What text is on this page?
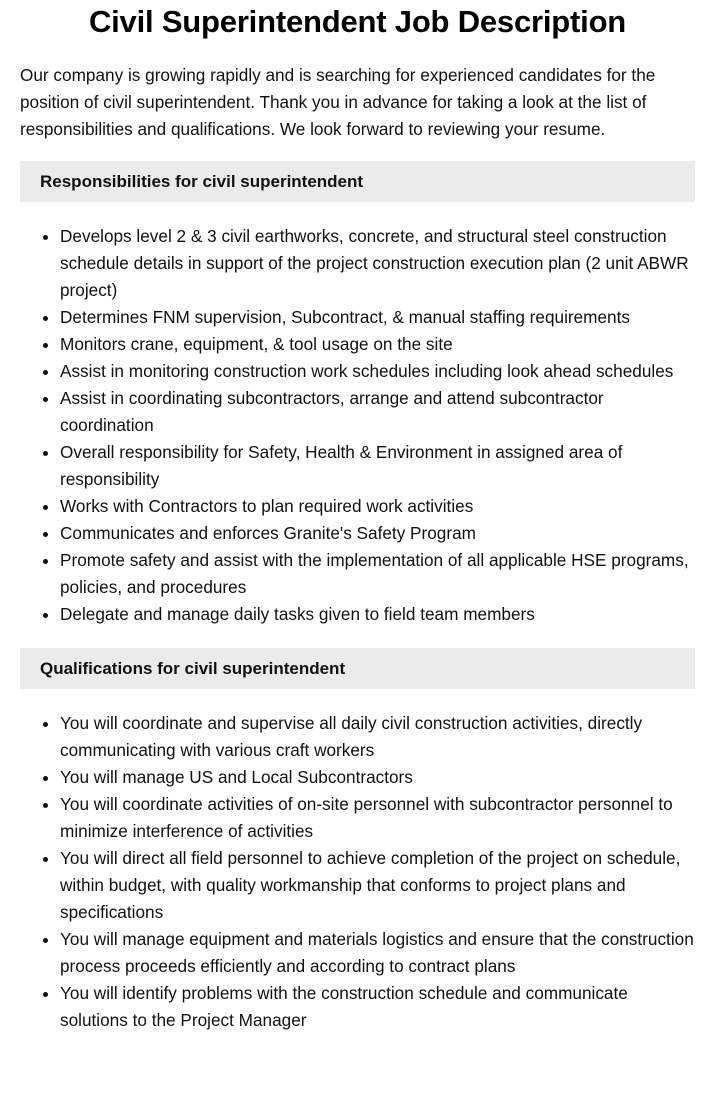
Civil Superintendent Job Description

Our company is growing rapidly and is searching for experienced candidates for the position of civil superintendent. Thank you in advance for taking a look at the list of responsibilities and qualifications. We look forward to reviewing your resume.

Responsibilities for civil superintendent
Develops level 2 & 3 civil earthworks, concrete, and structural steel construction schedule details in support of the project construction execution plan (2 unit ABWR project)
Determines FNM supervision, Subcontract, & manual staffing requirements
Monitors crane, equipment, & tool usage on the site
Assist in monitoring construction work schedules including look ahead schedules
Assist in coordinating subcontractors, arrange and attend subcontractor coordination
Overall responsibility for Safety, Health & Environment in assigned area of responsibility
Works with Contractors to plan required work activities
Communicates and enforces Granite's Safety Program
Promote safety and assist with the implementation of all applicable HSE programs, policies, and procedures
Delegate and manage daily tasks given to field team members
Qualifications for civil superintendent
You will coordinate and supervise all daily civil construction activities, directly communicating with various craft workers
You will manage US and Local Subcontractors
You will coordinate activities of on-site personnel with subcontractor personnel to minimize interference of activities
You will direct all field personnel to achieve completion of the project on schedule, within budget, with quality workmanship that conforms to project plans and specifications
You will manage equipment and materials logistics and ensure that the construction process proceeds efficiently and according to contract plans
You will identify problems with the construction schedule and communicate solutions to the Project Manager
